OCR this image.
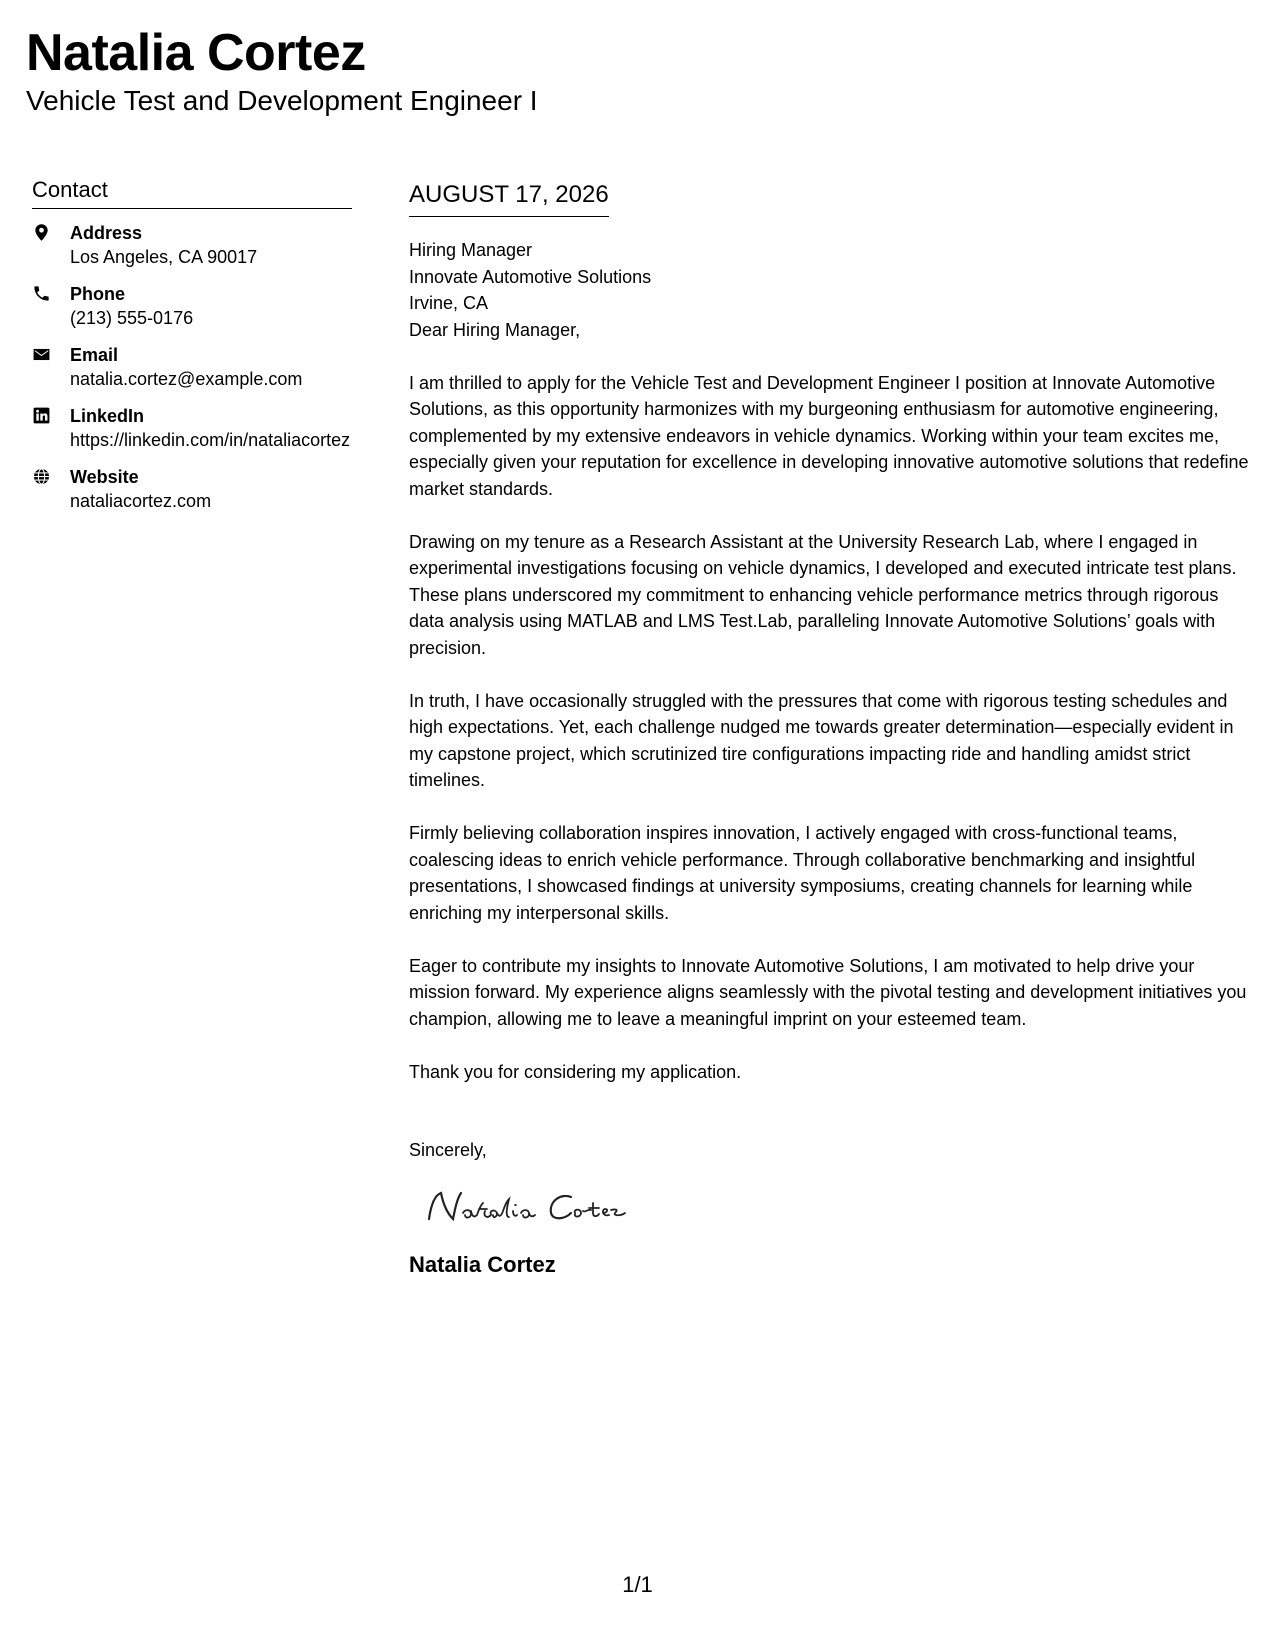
Natalia Cortez
Vehicle Test and Development Engineer I
Contact
Address
Los Angeles, CA 90017
Phone
(213) 555-0176
Email
natalia.cortez@example.com
LinkedIn
https://linkedin.com/in/nataliacortez
Website
nataliacortez.com
AUGUST 17, 2026
Hiring Manager
Innovate Automotive Solutions
Irvine, CA

Dear Hiring Manager,

I am thrilled to apply for the Vehicle Test and Development Engineer I position at Innovate Automotive Solutions, as this opportunity harmonizes with my burgeoning enthusiasm for automotive engineering, complemented by my extensive endeavors in vehicle dynamics. Working within your team excites me, especially given your reputation for excellence in developing innovative automotive solutions that redefine market standards.

Drawing on my tenure as a Research Assistant at the University Research Lab, where I engaged in experimental investigations focusing on vehicle dynamics, I developed and executed intricate test plans. These plans underscored my commitment to enhancing vehicle performance metrics through rigorous data analysis using MATLAB and LMS Test.Lab, paralleling Innovate Automotive Solutions’ goals with precision.

In truth, I have occasionally struggled with the pressures that come with rigorous testing schedules and high expectations. Yet, each challenge nudged me towards greater determination—especially evident in my capstone project, which scrutinized tire configurations impacting ride and handling amidst strict timelines.

Firmly believing collaboration inspires innovation, I actively engaged with cross-functional teams, coalescing ideas to enrich vehicle performance. Through collaborative benchmarking and insightful presentations, I showcased findings at university symposiums, creating channels for learning while enriching my interpersonal skills.

Eager to contribute my insights to Innovate Automotive Solutions, I am motivated to help drive your mission forward. My experience aligns seamlessly with the pivotal testing and development initiatives you champion, allowing me to leave a meaningful imprint on your esteemed team.

Thank you for considering my application.

Sincerely,
Natalia Cortez
1/1
